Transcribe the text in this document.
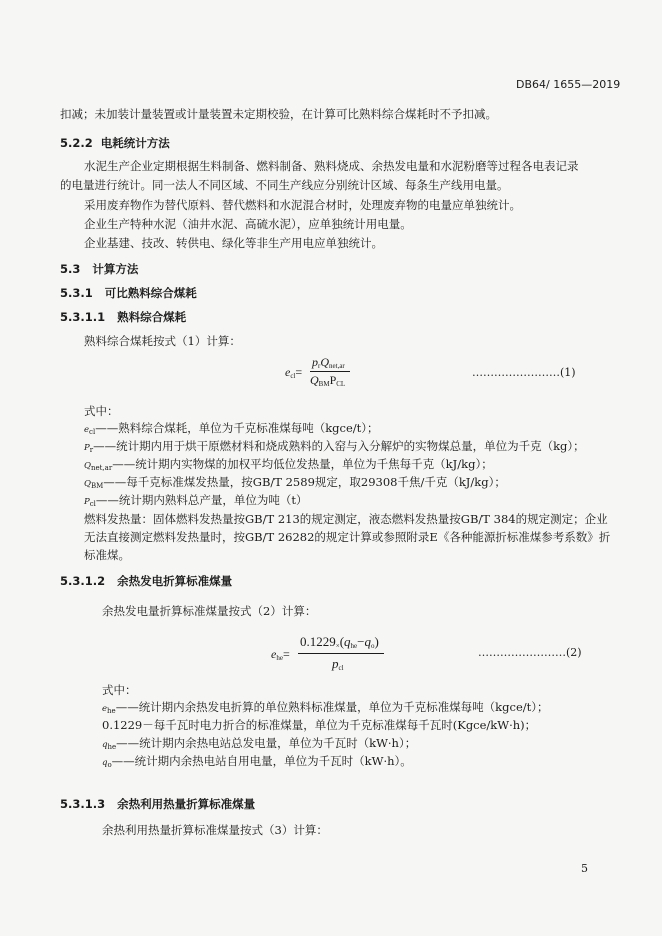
DB64/ 1655—2019
扣减；未加装计量装置或计量装置未定期校验，在计算可比熟料综合煤耗时不予扣减。
5.2.2 电耗统计方法
水泥生产企业定期根据生料制备、燃料制备、熟料烧成、余热发电量和水泥粉磨等过程各电表记录的电量进行统计。同一法人不同区域、不同生产线应分别统计区域、每条生产线用电量。
采用废弃物作为替代原料、替代燃料和水泥混合材时，处理废弃物的电量应单独统计。
企业生产特种水泥（油井水泥、高硫水泥），应单独统计用电量。
企业基建、技改、转供电、绿化等非生产用电应单独统计。
5.3 计算方法
5.3.1 可比熟料综合煤耗
5.3.1.1 熟料综合煤耗
熟料综合煤耗按式（1）计算：
$e_{cl}=$
$p_rQ_{net,ar}$
$Q_{BM}P_{CL}$
……………………(1)
式中：
$e_{cl}——$熟料综合煤耗，单位为千克标准煤每吨（kgce/t）；
$P_r——$统计期内用于烘干原燃材料和烧成熟料的入窑与入分解炉的实物煤总量，单位为千克（kg）；
$Q_{net,ar}——$统计期内实物煤的加权平均低位发热量，单位为千焦每千克（kJ/kg）；
$Q_{BM}——$每千克标准煤发热量，按GB/T 2589规定，取29308千焦/千克（kJ/kg）；
$P_{cl}——$统计期内熟料总产量，单位为吨（t）
燃料发热量：固体燃料发热量按GB/T 213的规定测定，液态燃料发热量按GB/T 384的规定测定；企业无法直接测定燃料发热量时，按GB/T 26282的规定计算或参照附录E《各种能源折标准煤参考系数》折标准煤。
5.3.1.2 余热发电折算标准煤量
余热发电量折算标准煤量按式（2）计算：
$e_{he}=$
$0.1229_\times(q_{he}-q_o)$
$p_{cl}$
……………………(2)
式中：
$e_{he}——$统计期内余热发电折算的单位熟料标准煤量，单位为千克标准煤每吨（kgce/t）；
0.1229－每千瓦时电力折合的标准煤量，单位为千克标准煤每千瓦时(Kgce/kW·h)；
$q_{he}——$统计期内余热电站总发电量，单位为千瓦时（kW·h）；
$q_o——$统计期内余热电站自用电量，单位为千瓦时（kW·h）。
5.3.1.3 余热利用热量折算标准煤量
余热利用热量折算标准煤量按式（3）计算：
5
